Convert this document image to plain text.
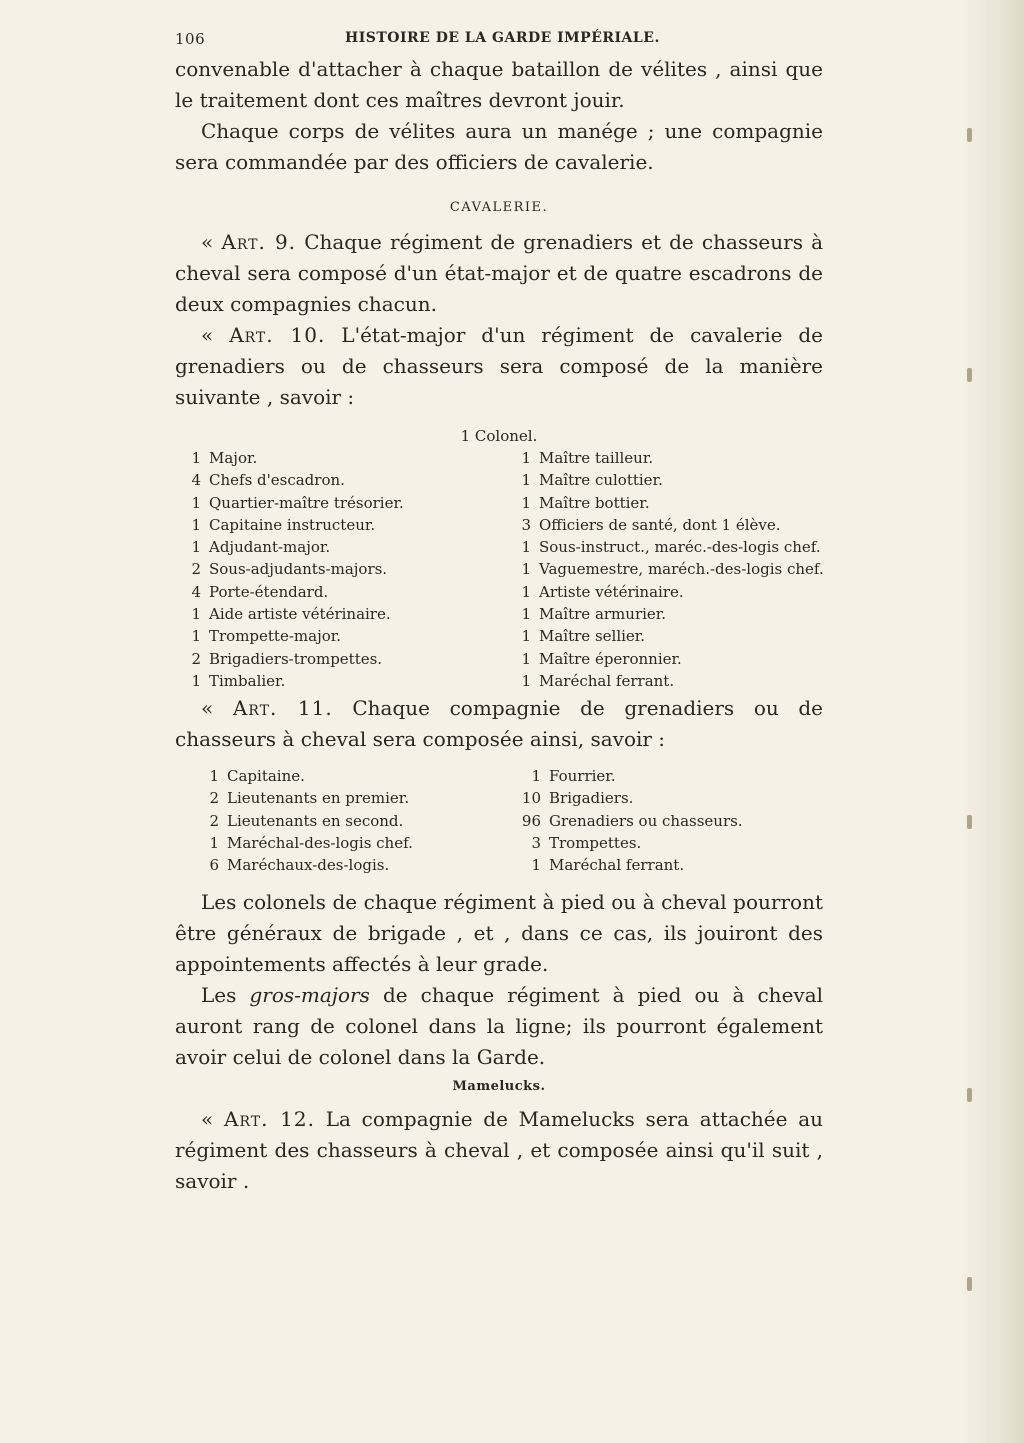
106	HISTOIRE DE LA GARDE IMPÉRIALE.

convenable d'attacher à chaque bataillon de vélites , ainsi que le traitement dont ces maîtres devront jouir.

Chaque corps de vélites aura un manége ; une compagnie sera commandée par des officiers de cavalerie.

CAVALERIE.

« Art. 9. Chaque régiment de grenadiers et de chasseurs à cheval sera composé d'un état-major et de quatre escadrons de deux compagnies chacun.

« Art. 10. L'état-major d'un régiment de cavalerie de grenadiers ou de chasseurs sera composé de la manière suivante , savoir :

1 Colonel.
1 Major.
4 Chefs d'escadron.
1 Quartier-maître trésorier.
1 Capitaine instructeur.
1 Adjudant-major.
2 Sous-adjudants-majors.
4 Porte-étendard.
1 Aide artiste vétérinaire.
1 Trompette-major.
2 Brigadiers-trompettes.
1 Timbalier.
1 Maître tailleur.
1 Maître culottier.
1 Maître bottier.
3 Officiers de santé, dont 1 élève.
1 Sous-instruct., maréc.-des-logis chef.
1 Vaguemestre, maréch.-des-logis chef.
1 Artiste vétérinaire.
1 Maître armurier.
1 Maître sellier.
1 Maître éperonnier.
1 Maréchal ferrant.

« Art. 11. Chaque compagnie de grenadiers ou de chasseurs à cheval sera composée ainsi, savoir :

1 Capitaine.
2 Lieutenants en premier.
2 Lieutenants en second.
1 Maréchal-des-logis chef.
6 Maréchaux-des-logis.
1 Fourrier.
10 Brigadiers.
96 Grenadiers ou chasseurs.
3 Trompettes.
1 Maréchal ferrant.

Les colonels de chaque régiment à pied ou à cheval pourront être généraux de brigade , et , dans ce cas, ils jouiront des appointements affectés à leur grade.

Les gros-majors de chaque régiment à pied ou à cheval auront rang de colonel dans la ligne; ils pourront également avoir celui de colonel dans la Garde.

Mamelucks.

« Art. 12. La compagnie de Mamelucks sera attachée au régiment des chasseurs à cheval , et composée ainsi qu'il suit , savoir .
